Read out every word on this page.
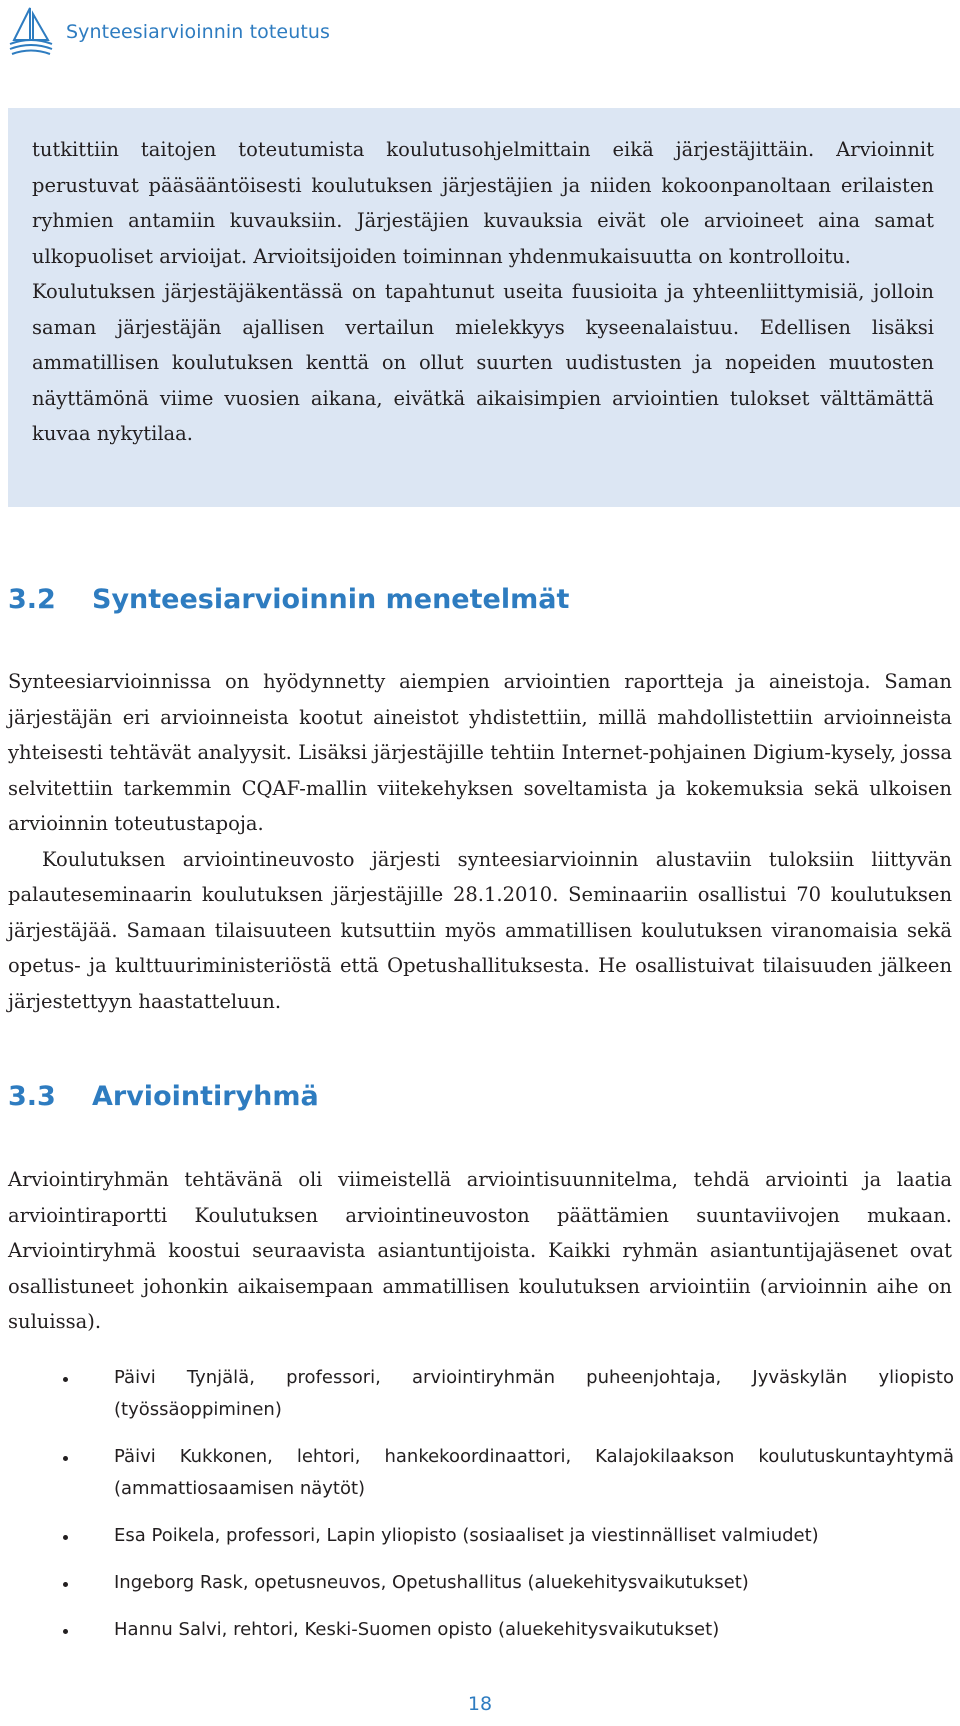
Synteesiarvioinnin toteutus

tutkittiin taitojen toteutumista koulutusohjelmittain eikä järjestäjittäin. Arvioinnit perustuvat pääsääntöisesti koulutuksen järjestäjien ja niiden kokoonpanoltaan erilaisten ryhmien antamiin kuvauksiin. Järjestäjien kuvauksia eivät ole arvioineet aina samat ulkopuoliset arvioijat. Arvioitsijoiden toiminnan yhdenmukaisuutta on kontrolloitu.

Koulutuksen järjestäjäkentässä on tapahtunut useita fuusioita ja yhteenliittymisiä, jolloin saman järjestäjän ajallisen vertailun mielekkyys kyseenalaistuu. Edellisen lisäksi ammatillisen koulutuksen kenttä on ollut suurten uudistusten ja nopeiden muutosten näyttämönä viime vuosien aikana, eivätkä aikaisimpien arviointien tulokset välttämättä kuvaa nykytilaa.

3.2 Synteesiarvioinnin menetelmät

Synteesiarvioinnissa on hyödynnetty aiempien arviointien raportteja ja aineistoja. Saman järjestäjän eri arvioinneista kootut aineistot yhdistettiin, millä mahdollistettiin arvioinneista yhteisesti tehtävät analyysit. Lisäksi järjestäjille tehtiin Internet-pohjainen Digium-kysely, jossa selvitettiin tarkemmin CQAF-mallin viitekehyksen soveltamista ja kokemuksia sekä ulkoisen arvioinnin toteutustapoja.

Koulutuksen arviointineuvosto järjesti synteesiarvioinnin alustaviin tuloksiin liittyvän palauteseminaarin koulutuksen järjestäjille 28.1.2010. Seminaariin osallistui 70 koulutuksen järjestäjää. Samaan tilaisuuteen kutsuttiin myös ammatillisen koulutuksen viranomaisia sekä opetus- ja kulttuuriministeriöstä että Opetushallituksesta. He osallistuivat tilaisuuden jälkeen järjestettyyn haastatteluun.

3.3 Arviointiryhmä

Arviointiryhmän tehtävänä oli viimeistellä arviointisuunnitelma, tehdä arviointi ja laatia arviointiraportti Koulutuksen arviointineuvoston päättämien suuntaviivojen mukaan. Arviointiryhmä koostui seuraavista asiantuntijoista. Kaikki ryhmän asiantuntijajäsenet ovat osallistuneet johonkin aikaisempaan ammatillisen koulutuksen arviointiin (arvioinnin aihe on suluissa).

Päivi Tynjälä, professori, arviointiryhmän puheenjohtaja, Jyväskylän yliopisto (työssäoppiminen)
Päivi Kukkonen, lehtori, hankekoordinaattori, Kalajokilaakson koulutuskuntayhtymä (ammattiosaamisen näytöt)
Esa Poikela, professori, Lapin yliopisto (sosiaaliset ja viestinnälliset valmiudet)
Ingeborg Rask, opetusneuvos, Opetushallitus (aluekehitysvaikutukset)
Hannu Salvi, rehtori, Keski-Suomen opisto (aluekehitysvaikutukset)
18
